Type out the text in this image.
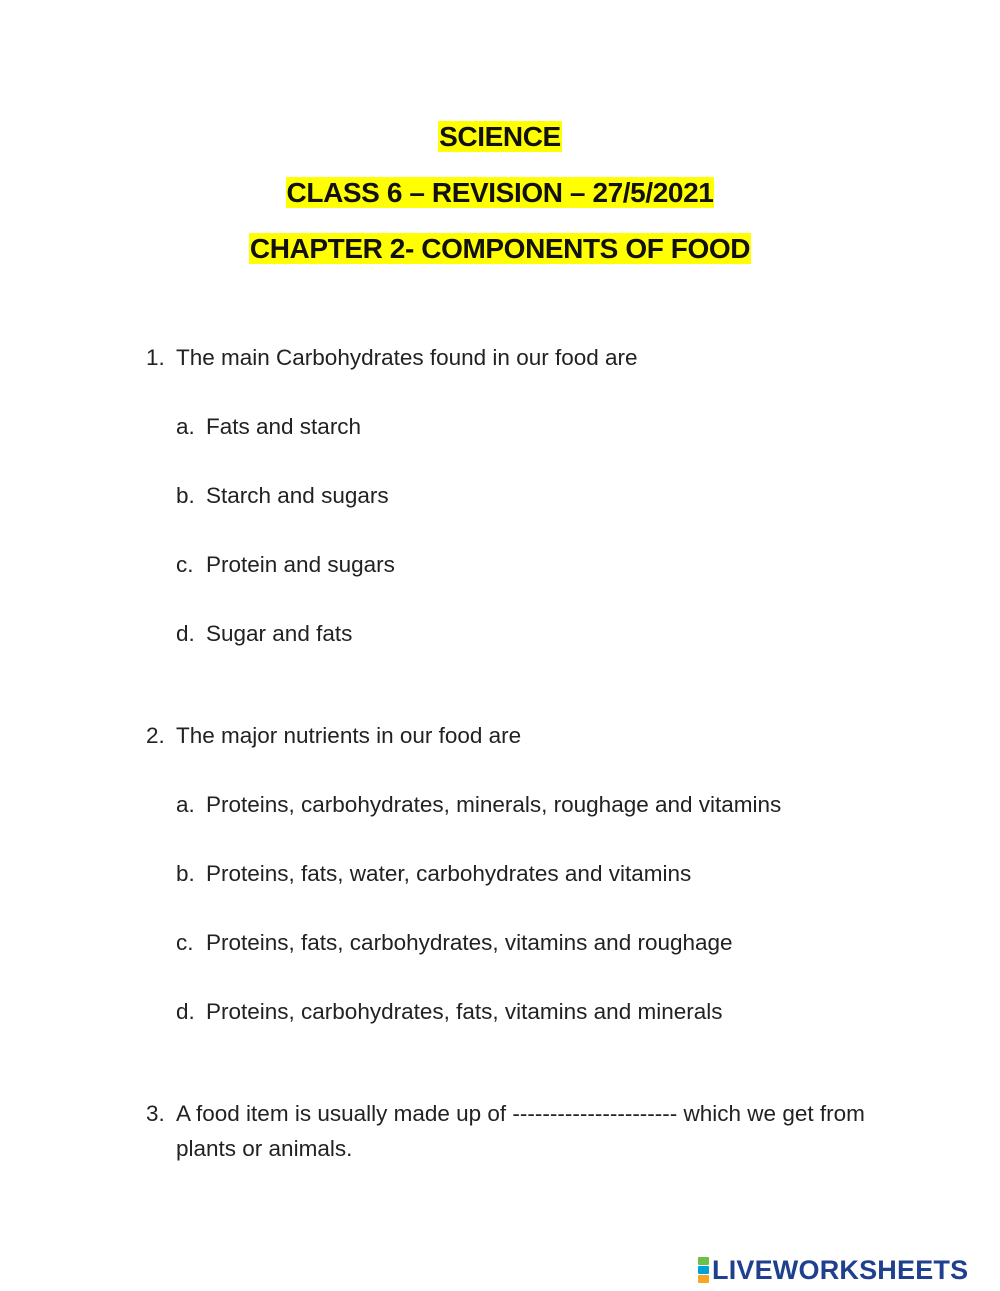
SCIENCE
CLASS 6 – REVISION – 27/5/2021
CHAPTER 2- COMPONENTS OF FOOD
1. The main Carbohydrates found in our food are
a. Fats and starch
b. Starch and sugars
c. Protein and sugars
d. Sugar and fats
2. The major nutrients in our food are
a. Proteins, carbohydrates, minerals, roughage and vitamins
b. Proteins, fats, water, carbohydrates and vitamins
c. Proteins, fats, carbohydrates, vitamins and roughage
d. Proteins, carbohydrates, fats, vitamins and minerals
3. A food item is usually made up of ---------------------- which we get from plants or animals.
LIVEWORKSHEETS
